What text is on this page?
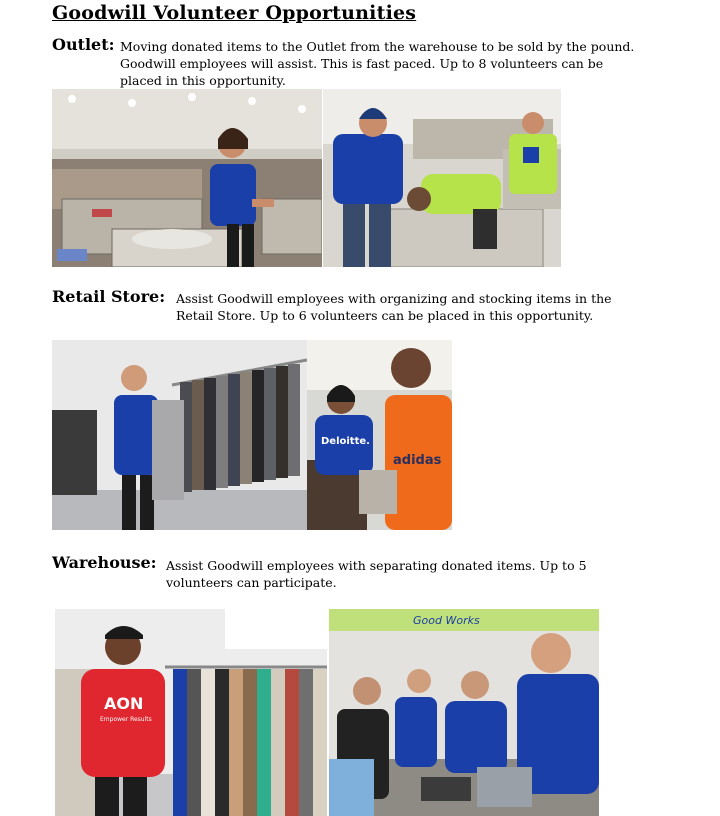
Goodwill Volunteer Opportunities
Outlet: Moving donated items to the Outlet from the warehouse to be sold by the pound.
Goodwill employees will assist. This is fast paced. Up to 8 volunteers can be
placed in this opportunity.
Retail Store: Assist Goodwill employees with organizing and stocking items in the
Retail Store. Up to 6 volunteers can be placed in this opportunity.
Deloitte.
adidas
Warehouse: Assist Goodwill employees with separating donated items. Up to 5
volunteers can participate.
AON
Empower Results
Good Works
